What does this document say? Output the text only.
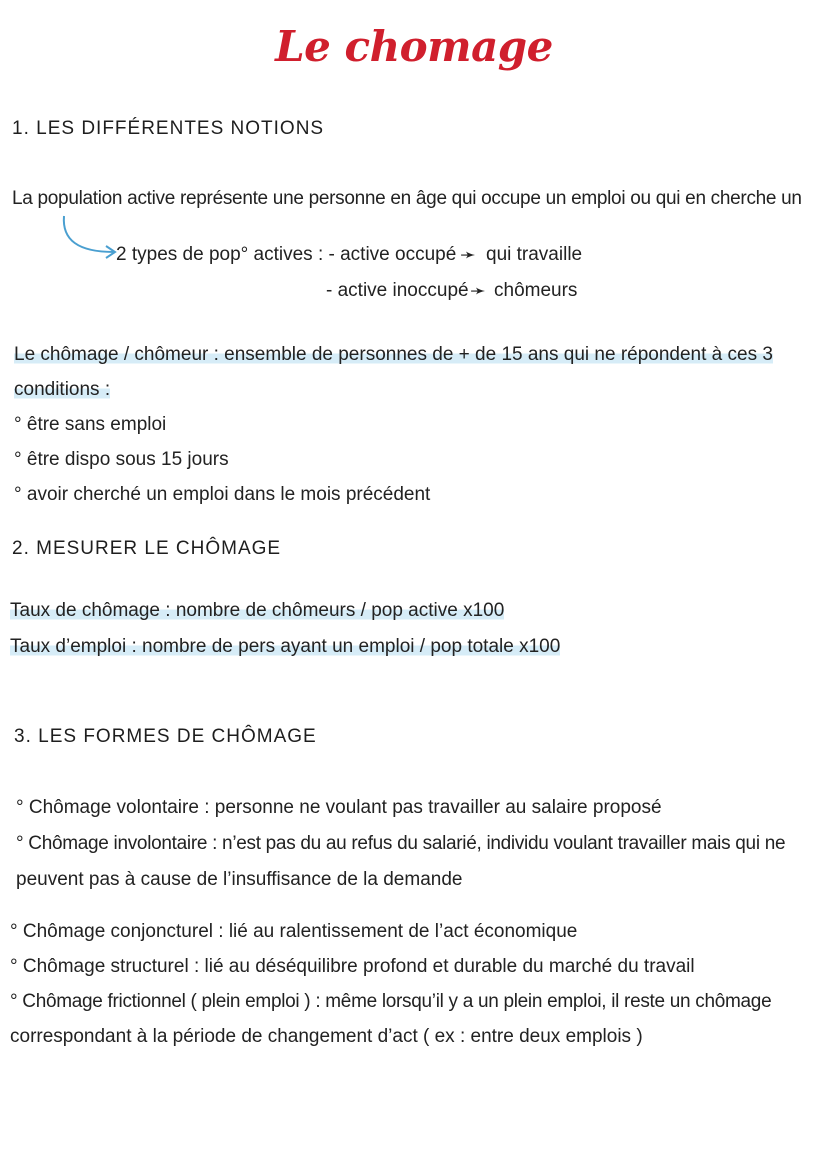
Le chomage
1. LES DIFFÉRENTES NOTIONS
La population active représente une personne en âge qui occupe un emploi ou qui en cherche un
2 types de pop° actives : - active occupé ➛ qui travaille
- active inoccupé ➛ chômeurs
Le chômage / chômeur : ensemble de personnes de + de 15 ans qui ne répondent à ces 3
conditions :
° être sans emploi
° être dispo sous 15 jours
° avoir cherché un emploi dans le mois précédent
2. MESURER LE CHÔMAGE
Taux de chômage : nombre de chômeurs / pop active x100
Taux d’emploi : nombre de pers ayant un emploi / pop totale x100
3. LES FORMES DE CHÔMAGE
° Chômage volontaire : personne ne voulant pas travailler au salaire proposé
° Chômage involontaire : n’est pas du au refus du salarié, individu voulant travailler mais qui ne
peuvent pas à cause de l’insuffisance de la demande
° Chômage conjoncturel : lié au ralentissement de l’act économique
° Chômage structurel : lié au déséquilibre profond et durable du marché du travail
° Chômage frictionnel ( plein emploi ) : même lorsqu’il y a un plein emploi, il reste un chômage
correspondant à la période de changement d’act ( ex : entre deux emplois )
